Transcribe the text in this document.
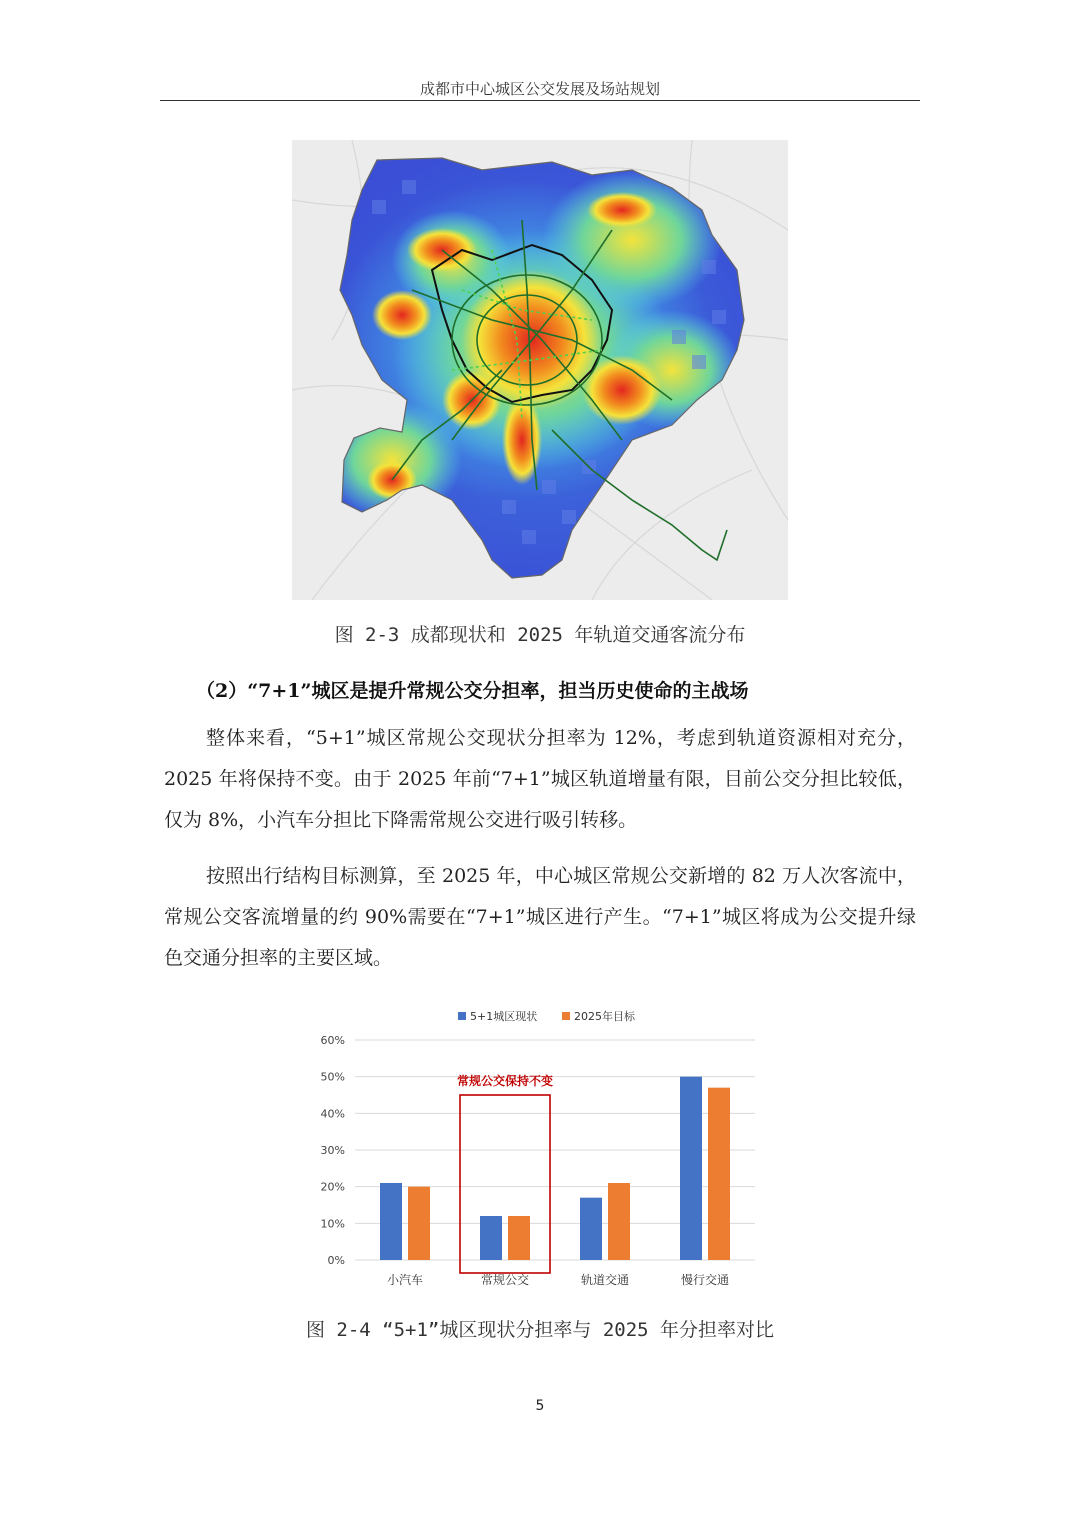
成都市中心城区公交发展及场站规划
图 2-3 成都现状和 2025 年轨道交通客流分布
（2）“7+1”城区是提升常规公交分担率，担当历史使命的主战场

整体来看，“5+1”城区常规公交现状分担率为 12%，考虑到轨道资源相对充分，2025 年将保持不变。由于 2025 年前“7+1”城区轨道增量有限，目前公交分担比较低，仅为 8%，小汽车分担比下降需常规公交进行吸引转移。

按照出行结构目标测算，至 2025 年，中心城区常规公交新增的 82 万人次客流中，常规公交客流增量的约 90%需要在“7+1”城区进行产生。“7+1”城区将成为公交提升绿色交通分担率的主要区域。

0%
10%
20%
30%
40%
50%
60%
5+1城区现状	2025年目标
小汽车	常规公交
常规公交保持不变
轨道交通	慢行交通
图 2-4 “5+1”城区现状分担率与 2025 年分担率对比
5
